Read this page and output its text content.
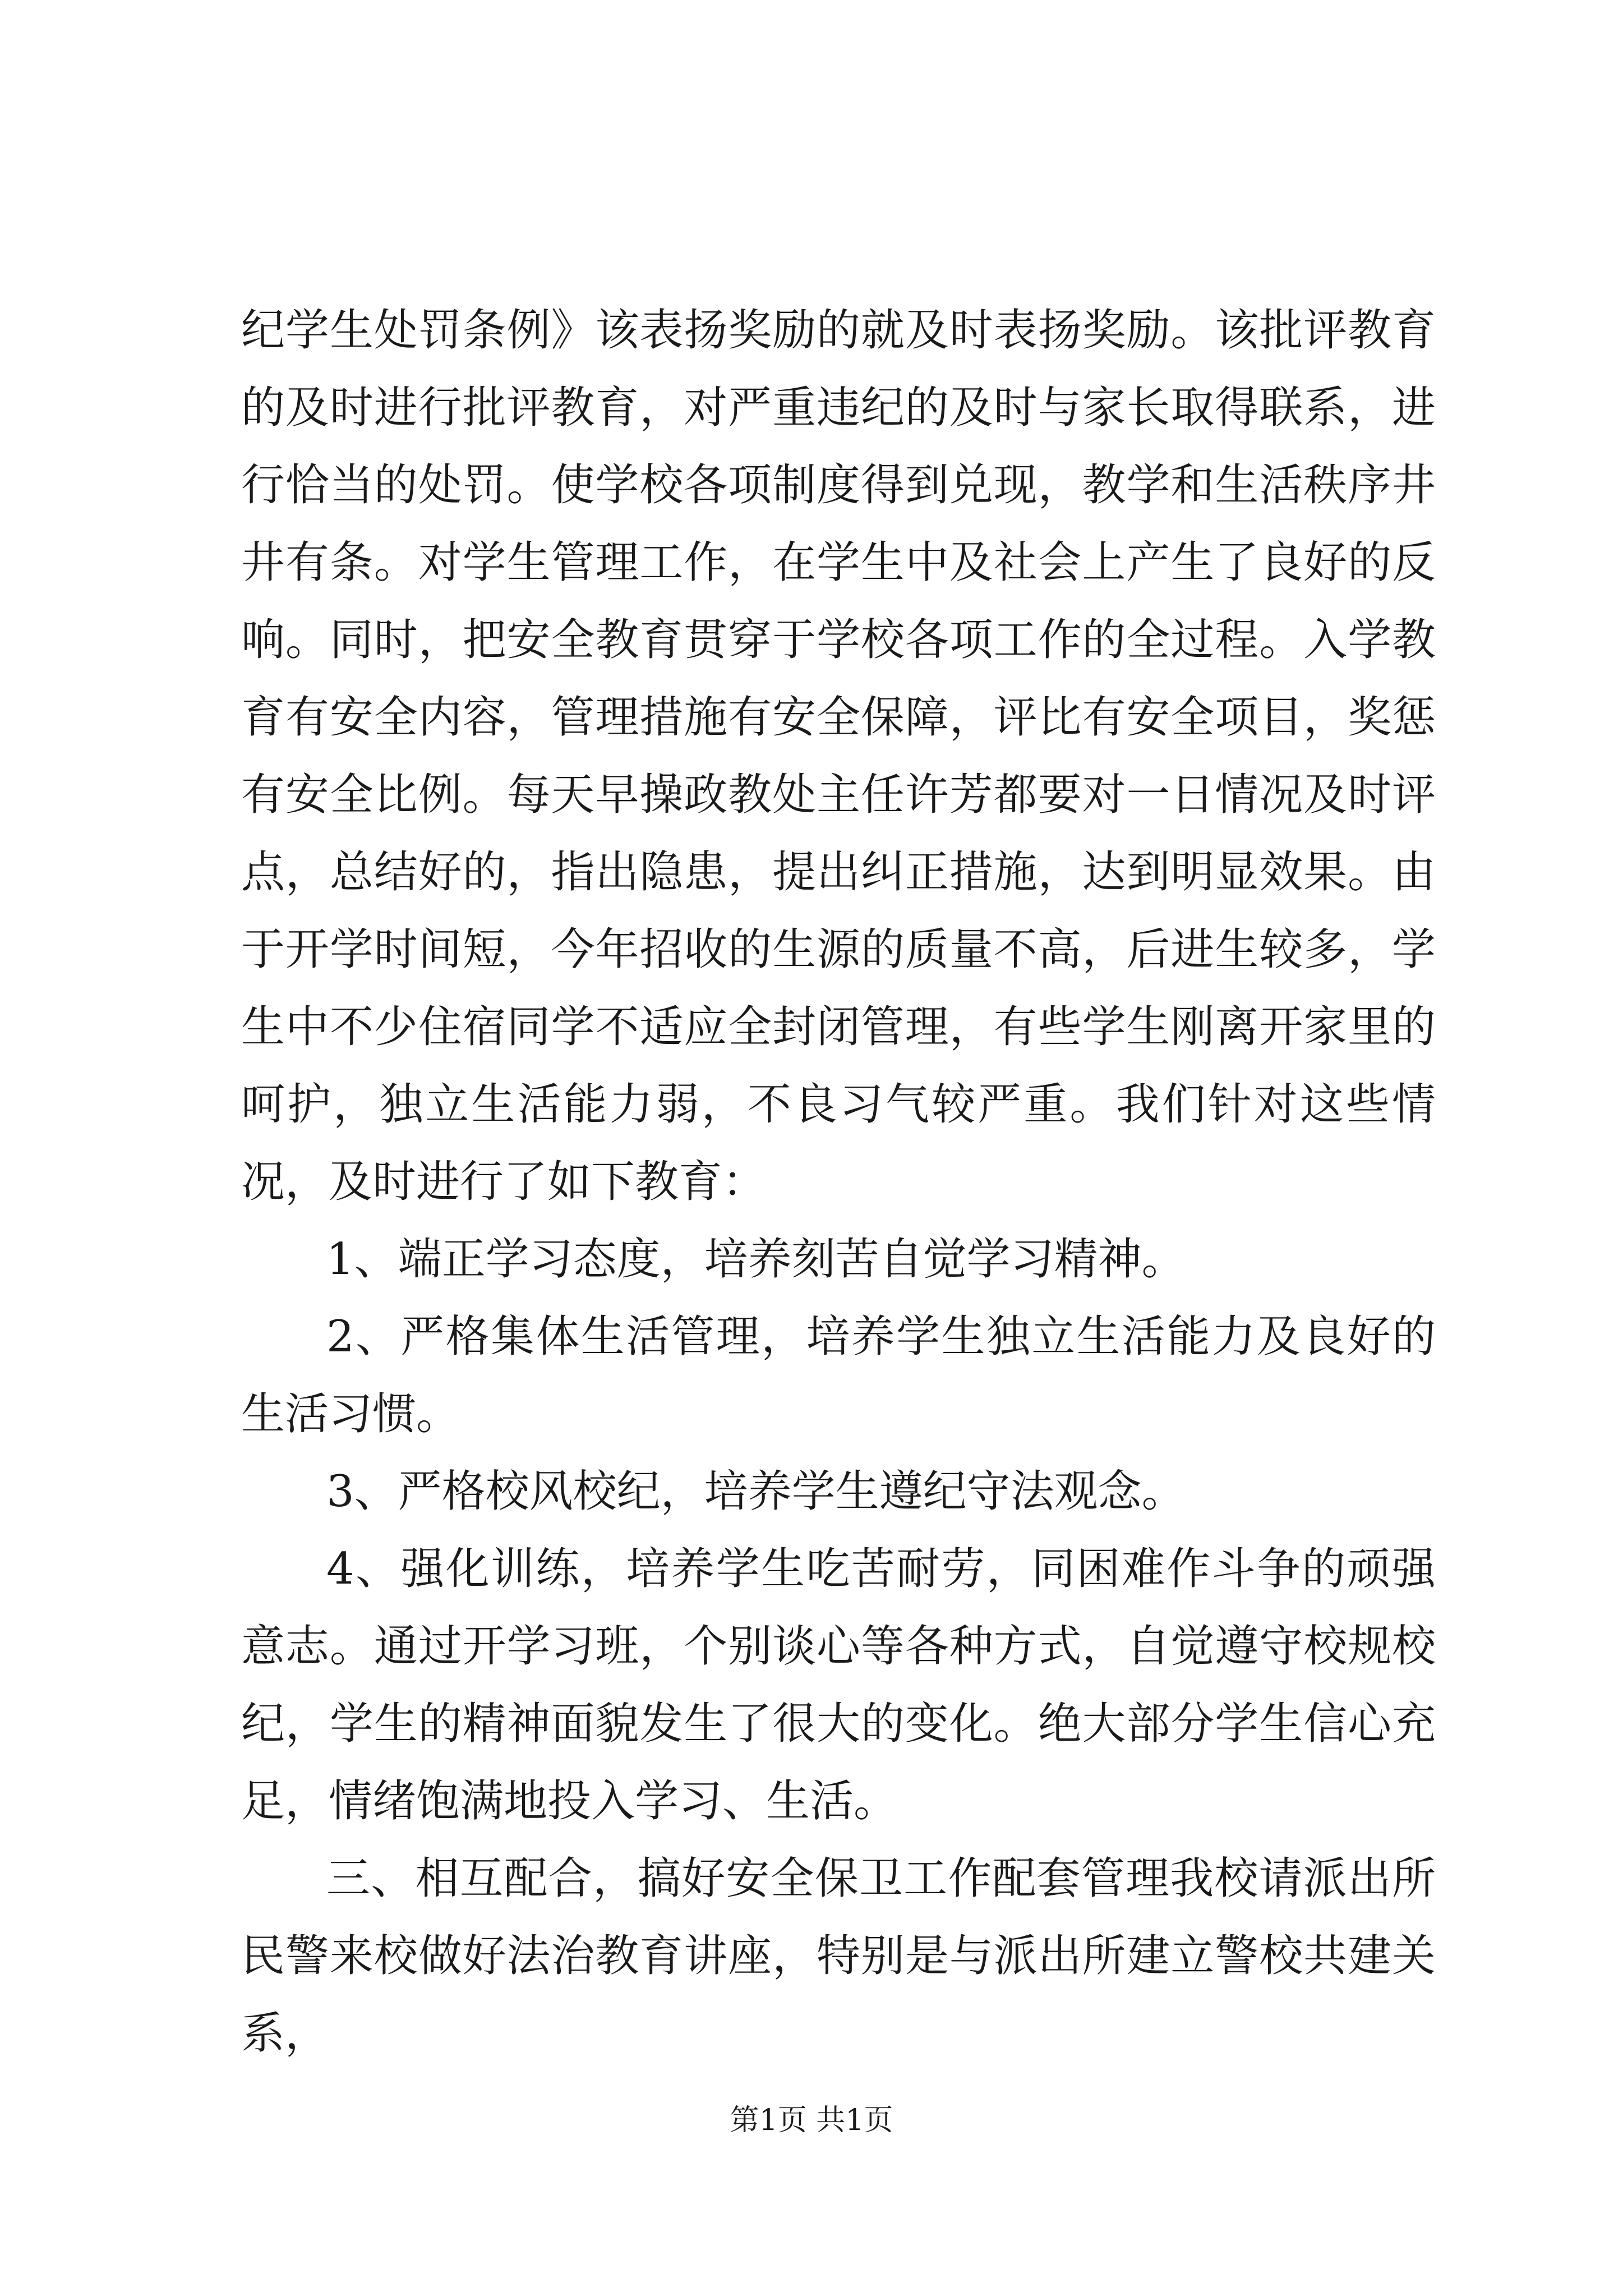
纪学生处罚条例》该表扬奖励的就及时表扬奖励。该批评教育的及时进行批评教育，对严重违纪的及时与家长取得联系，进行恰当的处罚。使学校各项制度得到兑现，教学和生活秩序井井有条。对学生管理工作，在学生中及社会上产生了良好的反响。同时，把安全教育贯穿于学校各项工作的全过程。入学教育有安全内容，管理措施有安全保障，评比有安全项目，奖惩有安全比例。每天早操政教处主任许芳都要对一日情况及时评点，总结好的，指出隐患，提出纠正措施，达到明显效果。由于开学时间短，今年招收的生源的质量不高，后进生较多，学生中不少住宿同学不适应全封闭管理，有些学生刚离开家里的呵护，独立生活能力弱，不良习气较严重。我们针对这些情况，及时进行了如下教育：

1、端正学习态度，培养刻苦自觉学习精神。

2、严格集体生活管理，培养学生独立生活能力及良好的生活习惯。

3、严格校风校纪，培养学生遵纪守法观念。

4、强化训练，培养学生吃苦耐劳，同困难作斗争的顽强意志。通过开学习班，个别谈心等各种方式，自觉遵守校规校纪，学生的精神面貌发生了很大的变化。绝大部分学生信心充足，情绪饱满地投入学习、生活。

三、相互配合，搞好安全保卫工作配套管理我校请派出所民警来校做好法治教育讲座，特别是与派出所建立警校共建关系，

第1页 共1页
